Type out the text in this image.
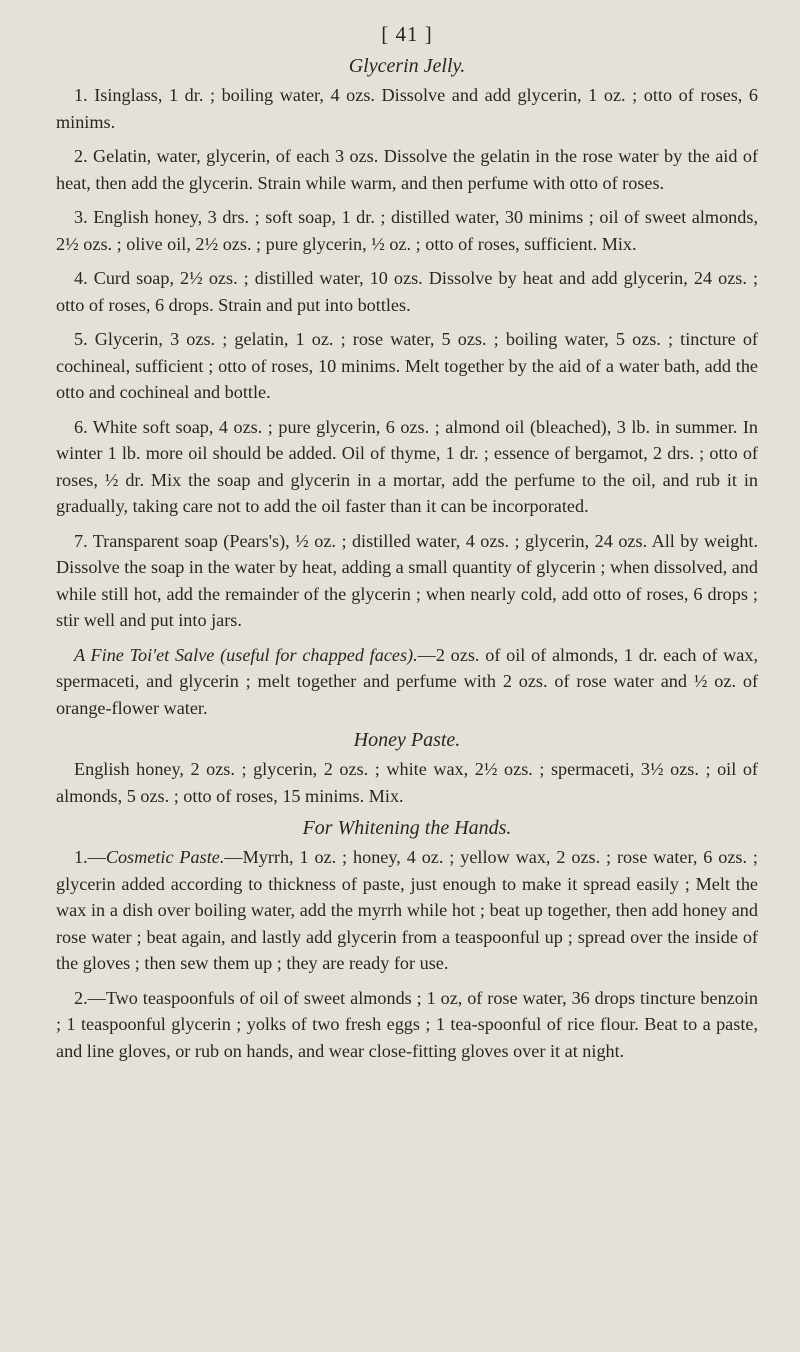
[ 41 ]
Glycerin Jelly.

1. Isinglass, 1 dr. ; boiling water, 4 ozs. Dissolve and add glycerin, 1 oz. ; otto of roses, 6 minims.

2. Gelatin, water, glycerin, of each 3 ozs. Dissolve the gelatin in the rose water by the aid of heat, then add the glycerin. Strain while warm, and then perfume with otto of roses.

3. English honey, 3 drs. ; soft soap, 1 dr. ; distilled water, 30 minims ; oil of sweet almonds, 2½ ozs. ; olive oil, 2½ ozs. ; pure glycerin, ½ oz. ; otto of roses, sufficient. Mix.

4. Curd soap, 2½ ozs. ; distilled water, 10 ozs. Dissolve by heat and add glycerin, 24 ozs. ; otto of roses, 6 drops. Strain and put into bottles.

5. Glycerin, 3 ozs. ; gelatin, 1 oz. ; rose water, 5 ozs. ; boiling water, 5 ozs. ; tincture of cochineal, sufficient ; otto of roses, 10 minims. Melt together by the aid of a water bath, add the otto and cochineal and bottle.

6. White soft soap, 4 ozs. ; pure glycerin, 6 ozs. ; almond oil (bleached), 3 lb. in summer. In winter 1 lb. more oil should be added. Oil of thyme, 1 dr. ; essence of bergamot, 2 drs. ; otto of roses, ½ dr. Mix the soap and glycerin in a mortar, add the perfume to the oil, and rub it in gradually, taking care not to add the oil faster than it can be incorporated.

7. Transparent soap (Pears's), ½ oz. ; distilled water, 4 ozs. ; glycerin, 24 ozs. All by weight. Dissolve the soap in the water by heat, adding a small quantity of glycerin ; when dissolved, and while still hot, add the remainder of the glycerin ; when nearly cold, add otto of roses, 6 drops ; stir well and put into jars.

A Fine Toi'et Salve (useful for chapped faces).—2 ozs. of oil of almonds, 1 dr. each of wax, spermaceti, and glycerin ; melt together and perfume with 2 ozs. of rose water and ½ oz. of orange-flower water.

Honey Paste.

English honey, 2 ozs. ; glycerin, 2 ozs. ; white wax, 2½ ozs. ; spermaceti, 3½ ozs. ; oil of almonds, 5 ozs. ; otto of roses, 15 minims. Mix.

For Whitening the Hands.

1.—Cosmetic Paste.—Myrrh, 1 oz. ; honey, 4 oz. ; yellow wax, 2 ozs. ; rose water, 6 ozs. ; glycerin added according to thickness of paste, just enough to make it spread easily ; Melt the wax in a dish over boiling water, add the myrrh while hot ; beat up together, then add honey and rose water ; beat again, and lastly add glycerin from a teaspoonful up ; spread over the inside of the gloves ; then sew them up ; they are ready for use.

2.—Two teaspoonfuls of oil of sweet almonds ; 1 oz, of rose water, 36 drops tincture benzoin ; 1 teaspoonful glycerin ; yolks of two fresh eggs ; 1 tea-spoonful of rice flour. Beat to a paste, and line gloves, or rub on hands, and wear close-fitting gloves over it at night.
